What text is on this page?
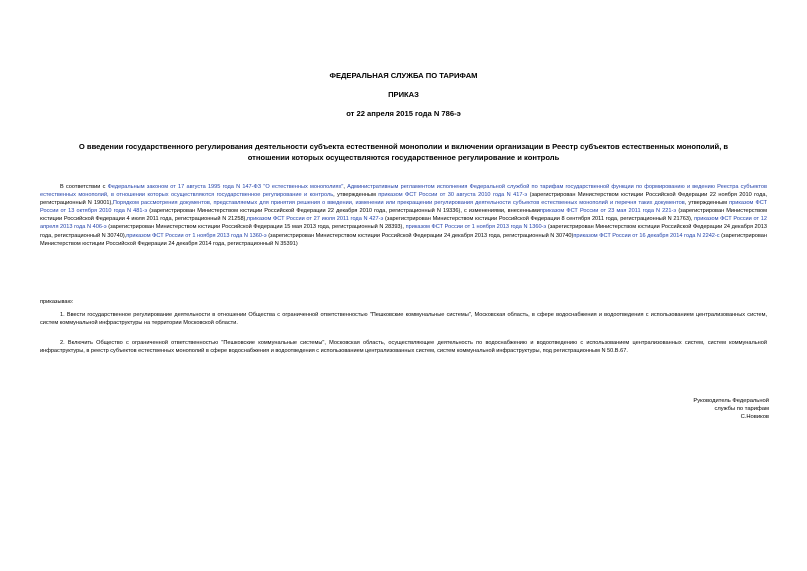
ФЕДЕРАЛЬНАЯ СЛУЖБА ПО ТАРИФАМ
ПРИКАЗ
от 22 апреля 2015 года N 786-э
О введении государственного регулирования деятельности субъекта естественной монополии и включении организации в Реестр субъектов естественных монополий, в отношении которых осуществляются государственное регулирование и контроль

В соответствии с Федеральным законом от 17 августа 1995 года N 147-ФЗ "О естественных монополиях", Административным регламентом исполнения Федеральной службой по тарифам государственной функции по формированию и ведению Реестра субъектов естественных монополий, в отношении которых осуществляются государственное регулирование и контроль, утвержденным приказом ФСТ России от 30 августа 2010 года N 417-э (зарегистрирован Министерством юстиции Российской Федерации 22 ноября 2010 года, регистрационный N 19001),Порядком рассмотрения документов, представляемых для принятия решения о введении, изменении или прекращении регулирования деятельности субъектов естественных монополий и перечня таких документов, утвержденным приказом ФСТ России от 13 октября 2010 года N 481-э (зарегистрирован Министерством юстиции Российской Федерации 22 декабря 2010 года, регистрационный N 19336), с изменениями, внесеннымиприказом ФСТ России от 23 мая 2011 года N 221-э (зарегистрирован Министерством юстиции Российской Федерации 4 июля 2011 года, регистрационный N 21258),приказом ФСТ России от 27 июля 2011 года N 427-э (зарегистрирован Министерством юстиции Российской Федерации 8 сентября 2011 года, регистрационный N 21763), приказом ФСТ России от 12 апреля 2013 года N 406-э (зарегистрирован Министерством юстиции Российской Федерации 15 мая 2013 года, регистрационный N 28393), приказом ФСТ России от 1 ноября 2013 года N 1360-э (зарегистрирован Министерством юстиции Российской Федерации 24 декабря 2013 года, регистрационный N 30740),приказом ФСТ России от 1 ноября 2013 года N 1360-э (зарегистрирован Министерством юстиции Российской Федерации 24 декабря 2013 года, регистрационный N 30740)приказом ФСТ России от 16 декабря 2014 года N 2242-с (зарегистрирован Министерством юстиции Российской Федерации 24 декабря 2014 года, регистрационный N 35391)

приказываю:

1. Ввести государственное регулирование деятельности в отношении Общества с ограниченной ответственностью "Пешковские коммунальные системы", Московская область, в сфере водоснабжения и водоотведения с использованием централизованных систем, систем коммунальной инфраструктуры на территории Московской области.

2. Включить Общество с ограниченной ответственностью "Пешковские коммунальные системы", Московская область, осуществляющее деятельность по водоснабжению и водоотведению с использованием централизованных систем, систем коммунальной инфраструктуры, в реестр субъектов естественных монополий в сфере водоснабжения и водоотведения с использованием централизованных систем, систем коммунальной инфраструктуры, под регистрационным N 50.В.67.

Руководитель Федеральной
службы по тарифам
С.Новиков
